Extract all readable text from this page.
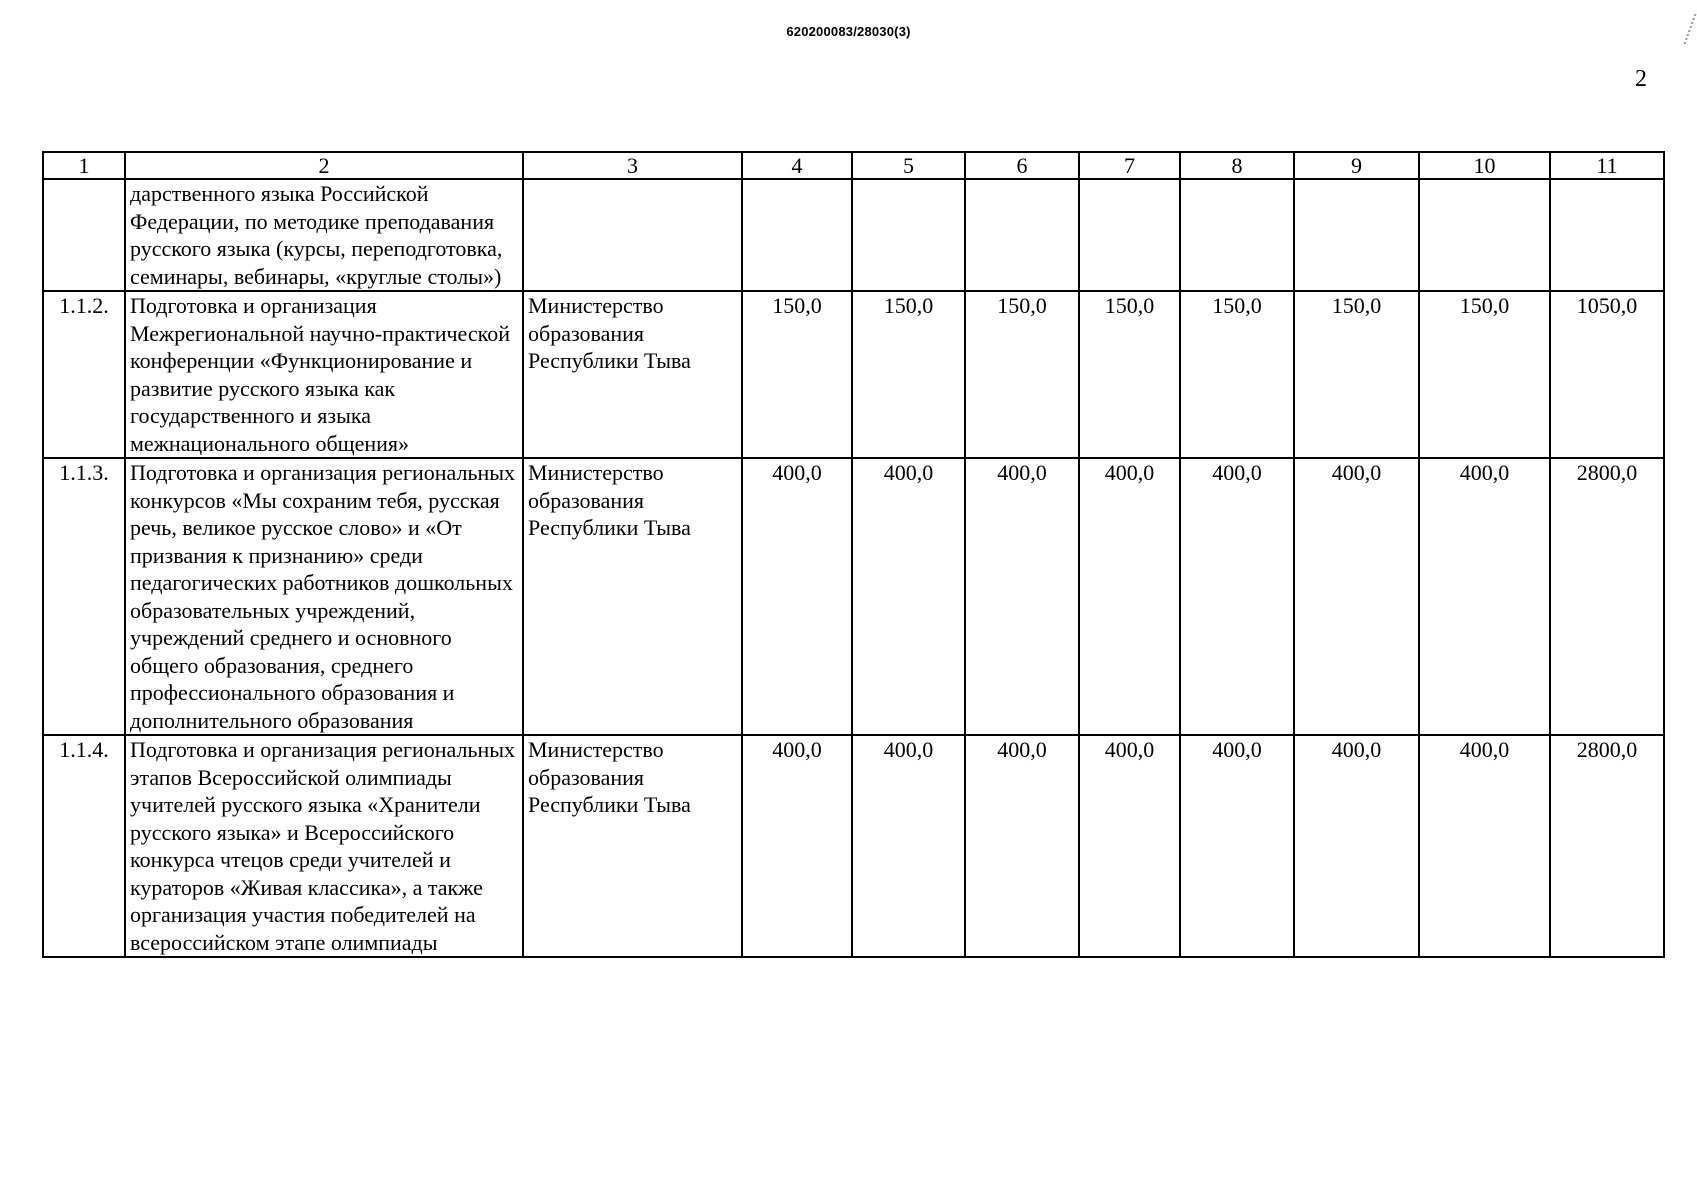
620200083/28030(3)
2
1	2	3	4	5	6	7	8	9	10	11
	дарственного языка Российской Федерации, по методике преподавания русского языка (курсы, переподготовка, семинары, вебинары, «круглые столы»)									
1.1.2.	Подготовка и организация Межрегиональной научно-практической конференции «Функционирование и развитие русского языка как государственного и языка межнационального общения»	Министерство образования Республики Тыва	150,0	150,0	150,0	150,0	150,0	150,0	150,0	1050,0
1.1.3.	Подготовка и организация региональных конкурсов «Мы сохраним тебя, русская речь, великое русское слово» и «От призвания к признанию» среди педагогических работников дошкольных образовательных учреждений, учреждений среднего и основного общего образования, среднего профессионального образования и дополнительного образования	Министерство образования Республики Тыва	400,0	400,0	400,0	400,0	400,0	400,0	400,0	2800,0
1.1.4.	Подготовка и организация региональных этапов Всероссийской олимпиады учителей русского языка «Хранители русского языка» и Всероссийского конкурса чтецов среди учителей и кураторов «Живая классика», а также организация участия победителей на всероссийском этапе олимпиады	Министерство образования Республики Тыва	400,0	400,0	400,0	400,0	400,0	400,0	400,0	2800,0
